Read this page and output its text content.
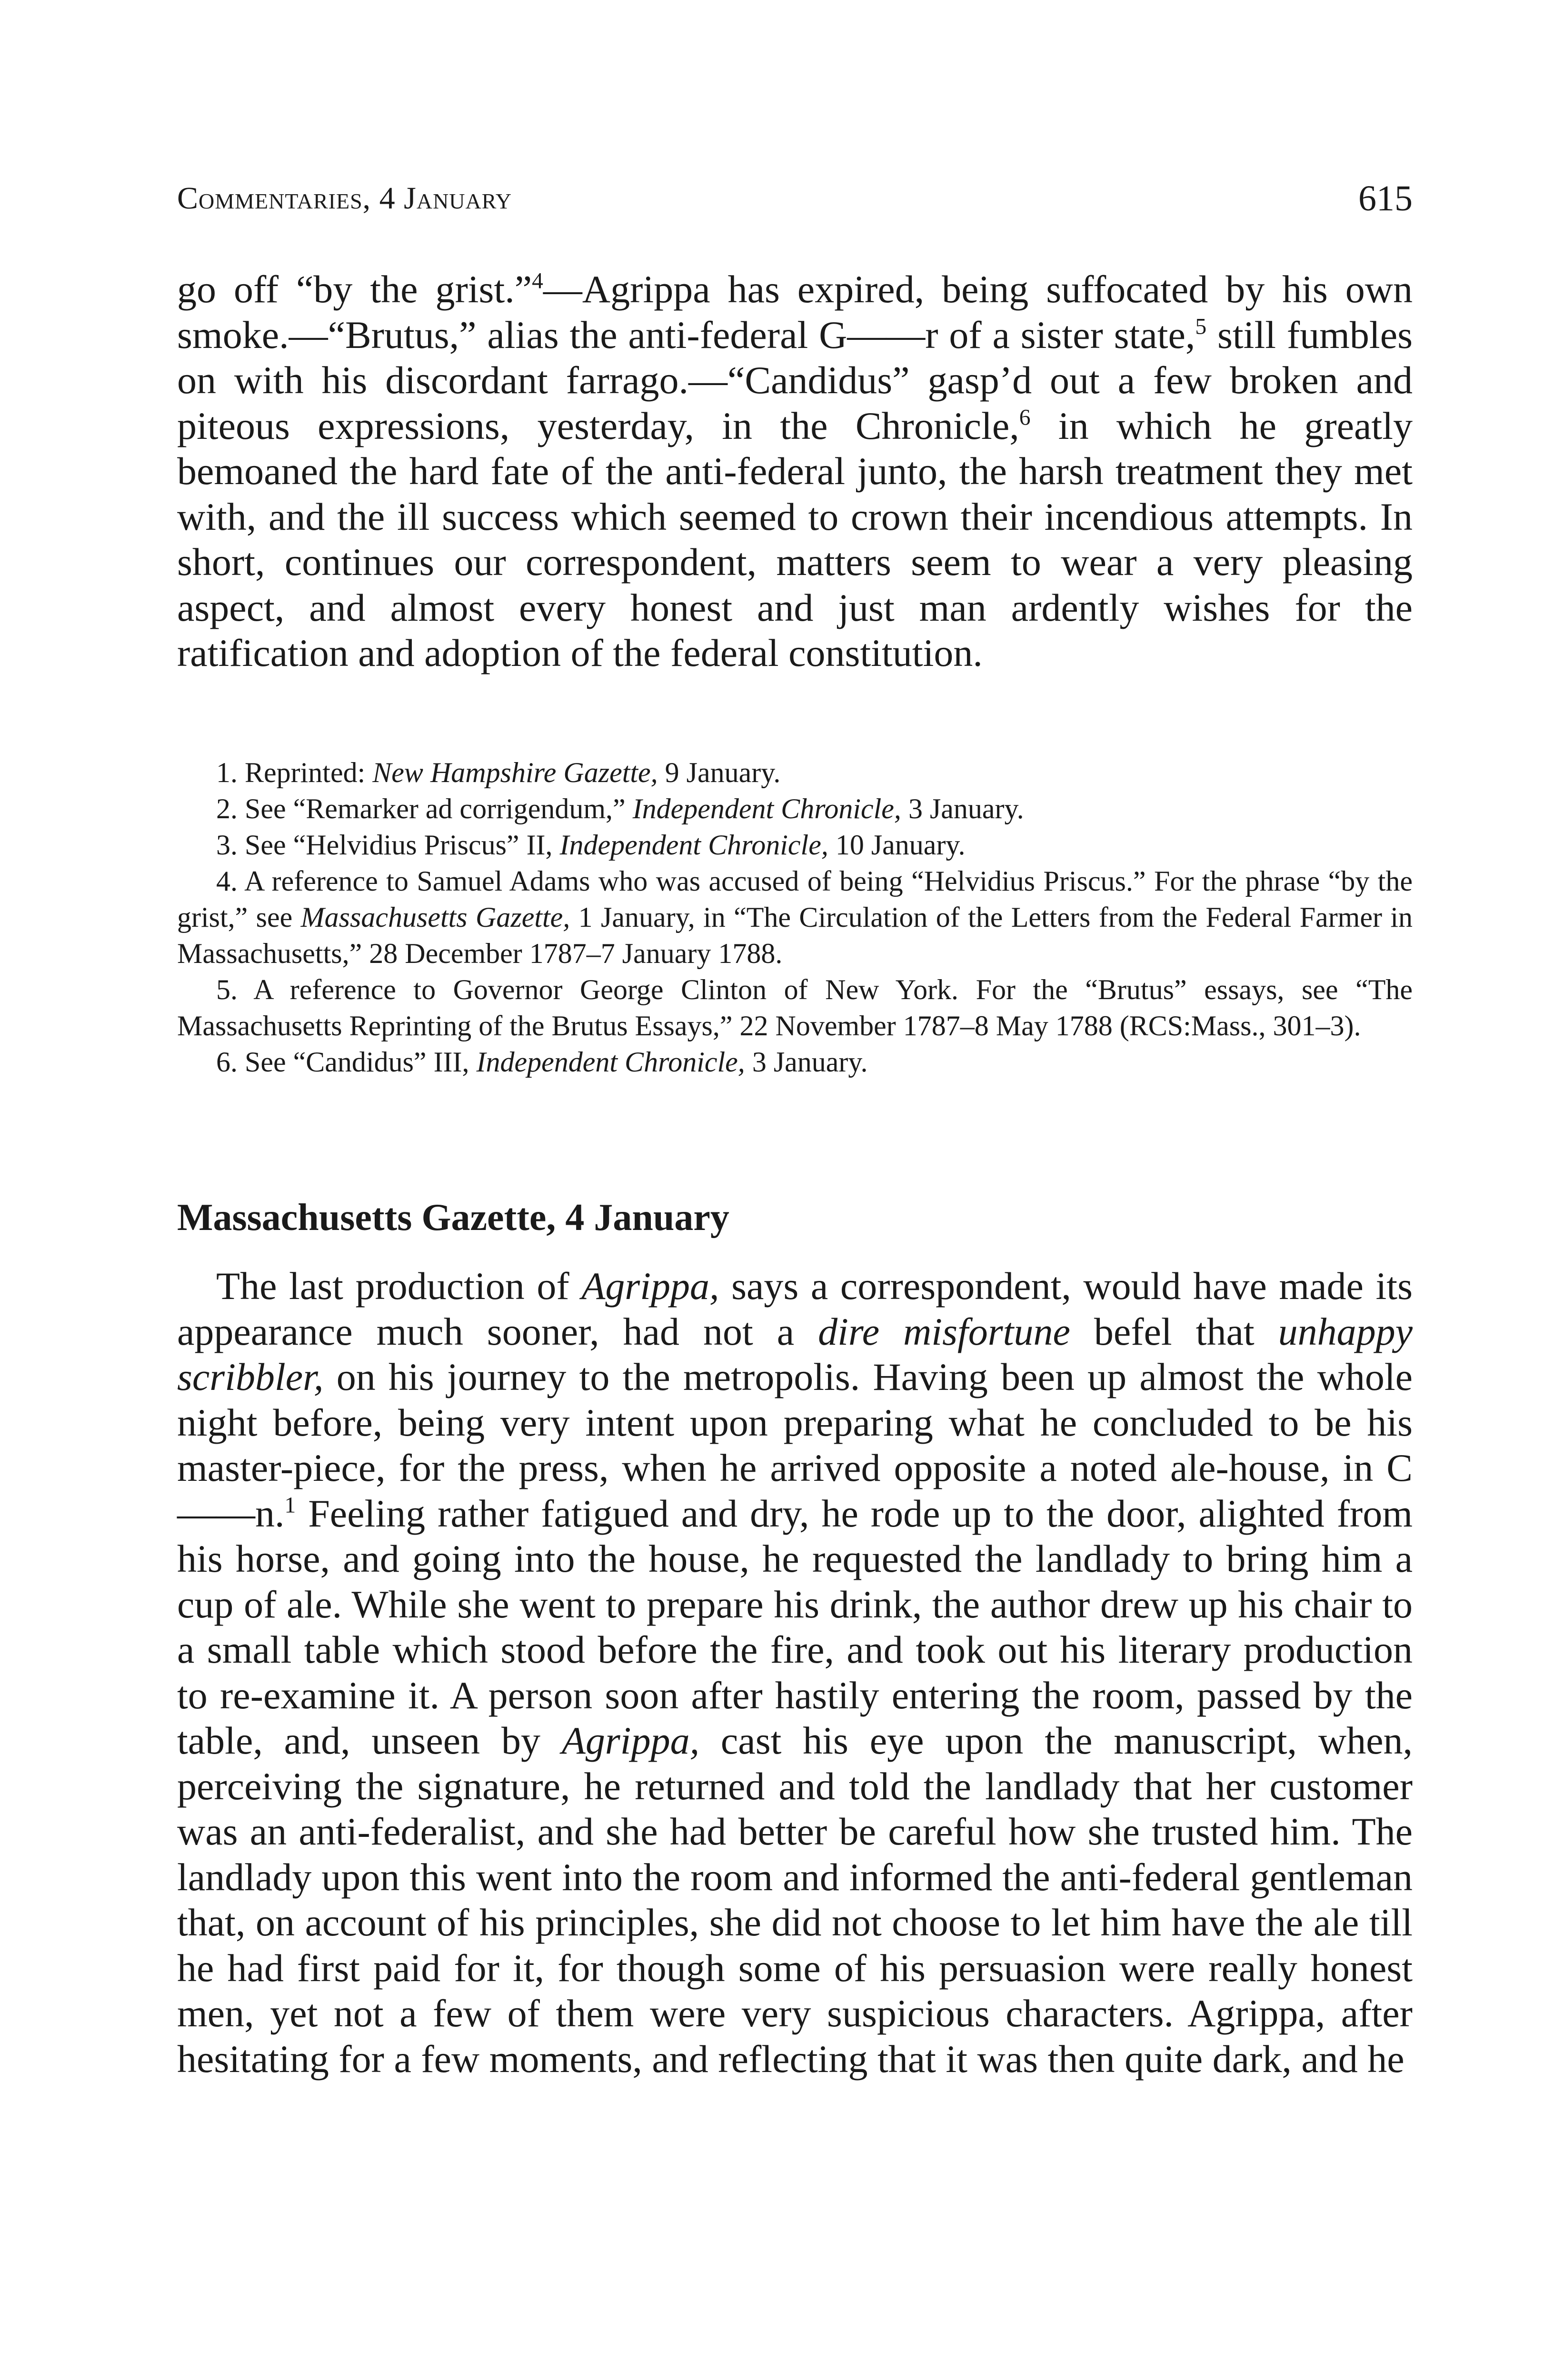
Commentaries, 4 January	615

go off “by the grist.”$^4$—Agrippa has expired, being suffocated by his own smoke.—“Brutus,” alias the anti-federal G——r of a sister state,$^5$ still fumbles on with his discordant farrago.—“Candidus” gasp’d out a few broken and piteous expressions, yesterday, in the Chronicle,$^6$ in which he greatly bemoaned the hard fate of the anti-federal junto, the harsh treatment they met with, and the ill success which seemed to crown their incendious attempts. In short, continues our correspondent, matters seem to wear a very pleasing aspect, and almost every honest and just man ardently wishes for the ratification and adoption of the federal constitution.

1. Reprinted: New Hampshire Gazette, 9 January.

2. See “Remarker ad corrigendum,” Independent Chronicle, 3 January.

3. See “Helvidius Priscus” II, Independent Chronicle, 10 January.

4. A reference to Samuel Adams who was accused of being “Helvidius Priscus.” For the phrase “by the grist,” see Massachusetts Gazette, 1 January, in “The Circulation of the Letters from the Federal Farmer in Massachusetts,” 28 December 1787–7 January 1788.

5. A reference to Governor George Clinton of New York. For the “Brutus” essays, see “The Massachusetts Reprinting of the Brutus Essays,” 22 November 1787–8 May 1788 (RCS:Mass., 301–3).

6. See “Candidus” III, Independent Chronicle, 3 January.

Massachusetts Gazette, 4 January

The last production of Agrippa, says a correspondent, would have made its appearance much sooner, had not a dire misfortune befel that unhappy scribbler, on his journey to the metropolis. Having been up almost the whole night before, being very intent upon preparing what he concluded to be his master-piece, for the press, when he arrived opposite a noted ale-house, in C——n.$^1$ Feeling rather fatigued and dry, he rode up to the door, alighted from his horse, and going into the house, he requested the landlady to bring him a cup of ale. While she went to prepare his drink, the author drew up his chair to a small table which stood before the fire, and took out his literary production to re-examine it. A person soon after hastily entering the room, passed by the table, and, unseen by Agrippa, cast his eye upon the manuscript, when, perceiving the signature, he returned and told the landlady that her customer was an anti-federalist, and she had better be careful how she trusted him. The landlady upon this went into the room and informed the anti-federal gentleman that, on account of his principles, she did not choose to let him have the ale till he had first paid for it, for though some of his persuasion were really honest men, yet not a few of them were very suspicious characters. Agrippa, after hesitating for a few moments, and reflecting that it was then quite dark, and he
